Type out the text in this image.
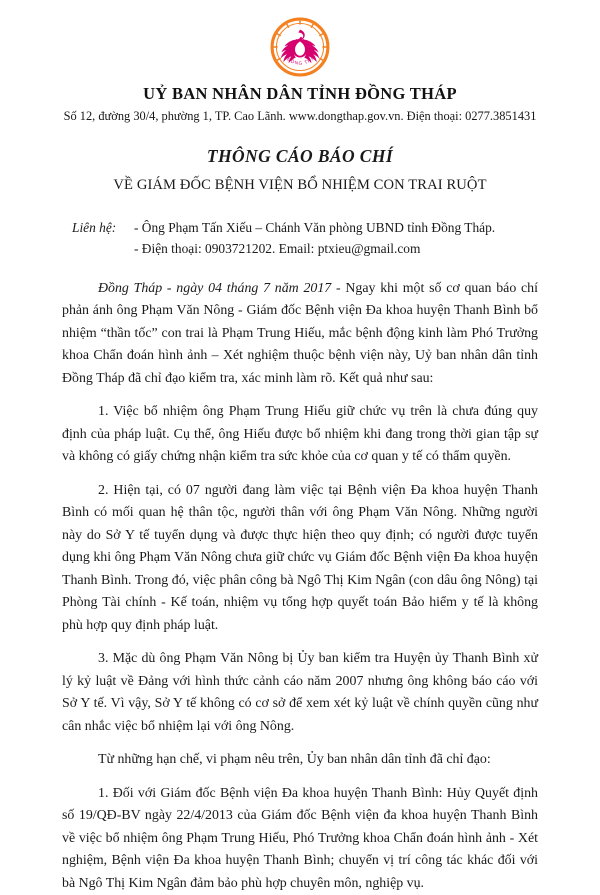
ĐỒNG THÁP
UỶ BAN NHÂN DÂN TỈNH ĐỒNG THÁP
Số 12, đường 30/4, phường 1, TP. Cao Lãnh. www.dongthap.gov.vn. Điện thoại: 0277.3851431
THÔNG CÁO BÁO CHÍ
VỀ GIÁM ĐỐC BỆNH VIỆN BỔ NHIỆM CON TRAI RUỘT
Liên hệ:	- Ông Phạm Tấn Xiếu – Chánh Văn phòng UBND tỉnh Đồng Tháp.
- Điện thoại: 0903721202. Email: ptxieu@gmail.com

Đồng Tháp - ngày 04 tháng 7 năm 2017 - Ngay khi một số cơ quan báo chí phản ánh ông Phạm Văn Nông - Giám đốc Bệnh viện Đa khoa huyện Thanh Bình bổ nhiệm “thần tốc” con trai là Phạm Trung Hiếu, mắc bệnh động kinh làm Phó Trưởng khoa Chẩn đoán hình ảnh – Xét nghiệm thuộc bệnh viện này, Uỷ ban nhân dân tỉnh Đồng Tháp đã chỉ đạo kiểm tra, xác minh làm rõ. Kết quả như sau:

1. Việc bổ nhiệm ông Phạm Trung Hiếu giữ chức vụ trên là chưa đúng quy định của pháp luật. Cụ thể, ông Hiếu được bổ nhiệm khi đang trong thời gian tập sự và không có giấy chứng nhận kiểm tra sức khỏe của cơ quan y tế có thẩm quyền.

2. Hiện tại, có 07 người đang làm việc tại Bệnh viện Đa khoa huyện Thanh Bình có mối quan hệ thân tộc, người thân với ông Phạm Văn Nông. Những người này do Sở Y tế tuyển dụng và được thực hiện theo quy định; có người được tuyển dụng khi ông Phạm Văn Nông chưa giữ chức vụ Giám đốc Bệnh viện Đa khoa huyện Thanh Bình. Trong đó, việc phân công bà Ngô Thị Kim Ngân (con dâu ông Nông) tại Phòng Tài chính - Kế toán, nhiệm vụ tổng hợp quyết toán Bảo hiểm y tế là không phù hợp quy định pháp luật.

3. Mặc dù ông Phạm Văn Nông bị Ủy ban kiểm tra Huyện ủy Thanh Bình xử lý kỷ luật về Đảng với hình thức cảnh cáo năm 2007 nhưng ông không báo cáo với Sở Y tế. Vì vậy, Sở Y tế không có cơ sở để xem xét kỷ luật về chính quyền cũng như cân nhắc việc bổ nhiệm lại với ông Nông.

Từ những hạn chế, vi phạm nêu trên, Ủy ban nhân dân tỉnh đã chỉ đạo:

1. Đối với Giám đốc Bệnh viện Đa khoa huyện Thanh Bình: Hủy Quyết định số 19/QĐ-BV ngày 22/4/2013 của Giám đốc Bệnh viện đa khoa huyện Thanh Bình về việc bổ nhiệm ông Phạm Trung Hiếu, Phó Trưởng khoa Chẩn đoán hình ảnh - Xét nghiệm, Bệnh viện Đa khoa huyện Thanh Bình; chuyển vị trí công tác khác đối với bà Ngô Thị Kim Ngân đảm bảo phù hợp chuyên môn, nghiệp vụ.
